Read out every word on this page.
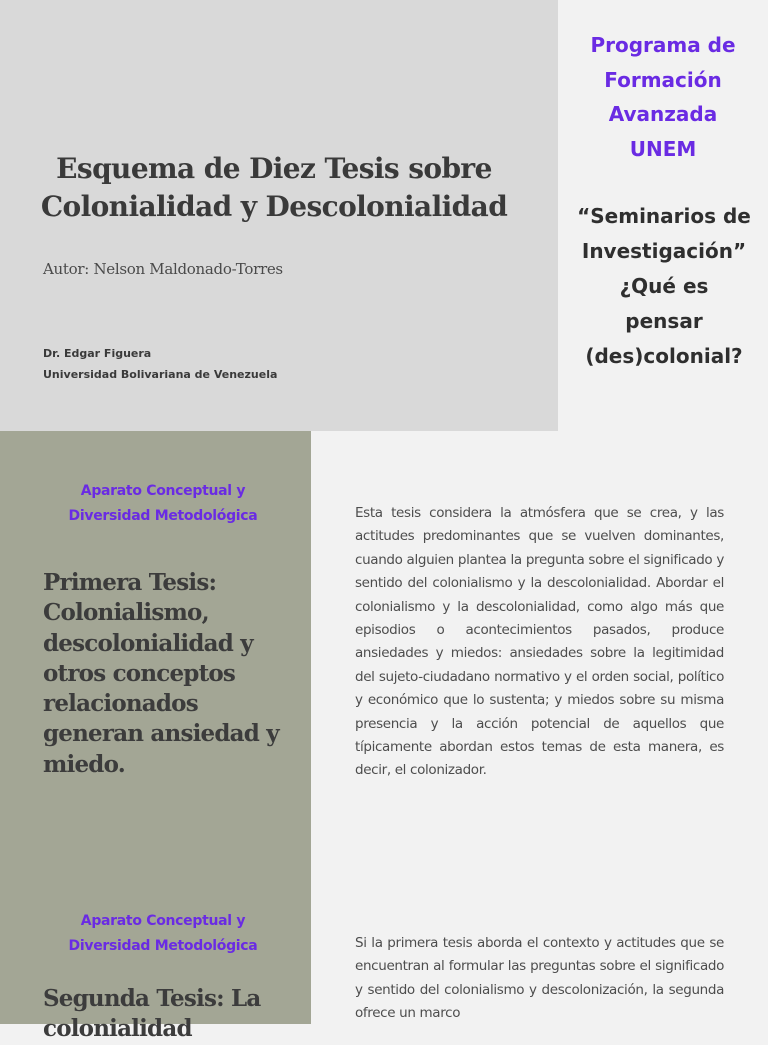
Esquema de Diez Tesis sobre Colonialidad y Descolonialidad
Autor: Nelson Maldonado-Torres
Dr. Edgar Figuera
Universidad Bolivariana de Venezuela
Programa de
Formación
Avanzada
UNEM
“Seminarios de
Investigación”
¿Qué es
pensar
(des)colonial?
Aparato Conceptual y
Diversidad Metodológica
Primera Tesis: Colonialismo, descolonialidad y otros conceptos relacionados generan ansiedad y miedo.

Esta tesis considera la atmósfera que se crea, y las actitudes predominantes que se vuelven dominantes, cuando alguien plantea la pregunta sobre el significado y sentido del colonialismo y la descolonialidad. Abordar el colonialismo y la descolonialidad, como algo más que episodios o acontecimientos pasados, produce ansiedades y miedos: ansiedades sobre la legitimidad del sujeto-ciudadano normativo y el orden social, político y económico que lo sustenta; y miedos sobre su misma presencia y la acción potencial de aquellos que típicamente abordan estos temas de esta manera, es decir, el colonizador.

Aparato Conceptual y
Diversidad Metodológica
Segunda Tesis: La colonialidad

Si la primera tesis aborda el contexto y actitudes que se encuentran al formular las preguntas sobre el significado y sentido del colonialismo y descolonización, la segunda ofrece un marco
